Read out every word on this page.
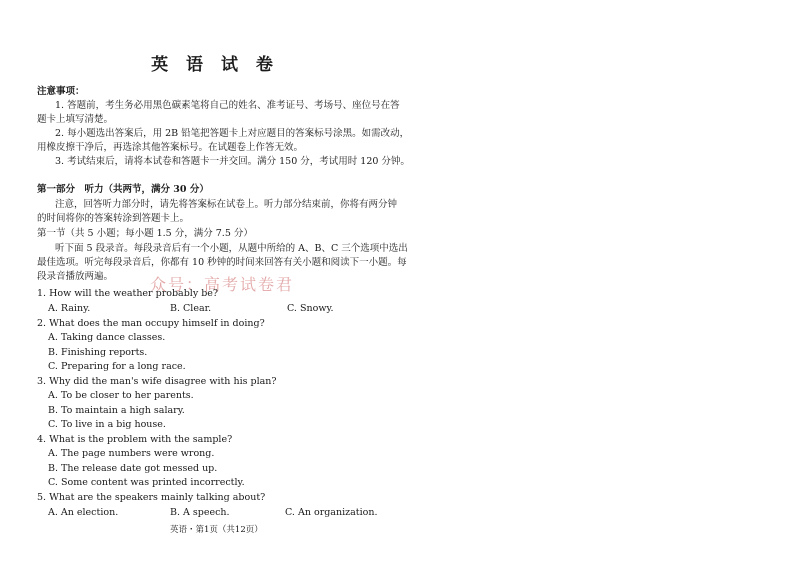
英 语 试 卷
注意事项：
1. 答题前，考生务必用黑色碳素笔将自己的姓名、准考证号、考场号、座位号在答
题卡上填写清楚。
2. 每小题选出答案后，用 2B 铅笔把答题卡上对应题目的答案标号涂黑。如需改动，
用橡皮擦干净后，再选涂其他答案标号。在试题卷上作答无效。
3. 考试结束后，请将本试卷和答题卡一并交回。满分 150 分，考试用时 120 分钟。
第一部分　听力（共两节，满分 30 分）
注意，回答听力部分时，请先将答案标在试卷上。听力部分结束前，你将有两分钟
的时间将你的答案转涂到答题卡上。
第一节（共 5 小题；每小题 1.5 分，满分 7.5 分）
听下面 5 段录音。每段录音后有一个小题，从题中所给的 A、B、C 三个选项中选出
最佳选项。听完每段录音后，你都有 10 秒钟的时间来回答有关小题和阅读下一小题。每
段录音播放两遍。 众号：高考试卷君
1. How will the weather probably be?
A. Rainy.	B. Clear.	C. Snowy.
2. What does the man occupy himself in doing?
A. Taking dance classes.
B. Finishing reports.
C. Preparing for a long race.
3. Why did the man's wife disagree with his plan?
A. To be closer to her parents.
B. To maintain a high salary.
C. To live in a big house.
4. What is the problem with the sample?
A. The page numbers were wrong.
B. The release date got messed up.
C. Some content was printed incorrectly.
5. What are the speakers mainly talking about?
A. An election.	B. A speech.	C. An organization.
英语・第1页（共12页）
